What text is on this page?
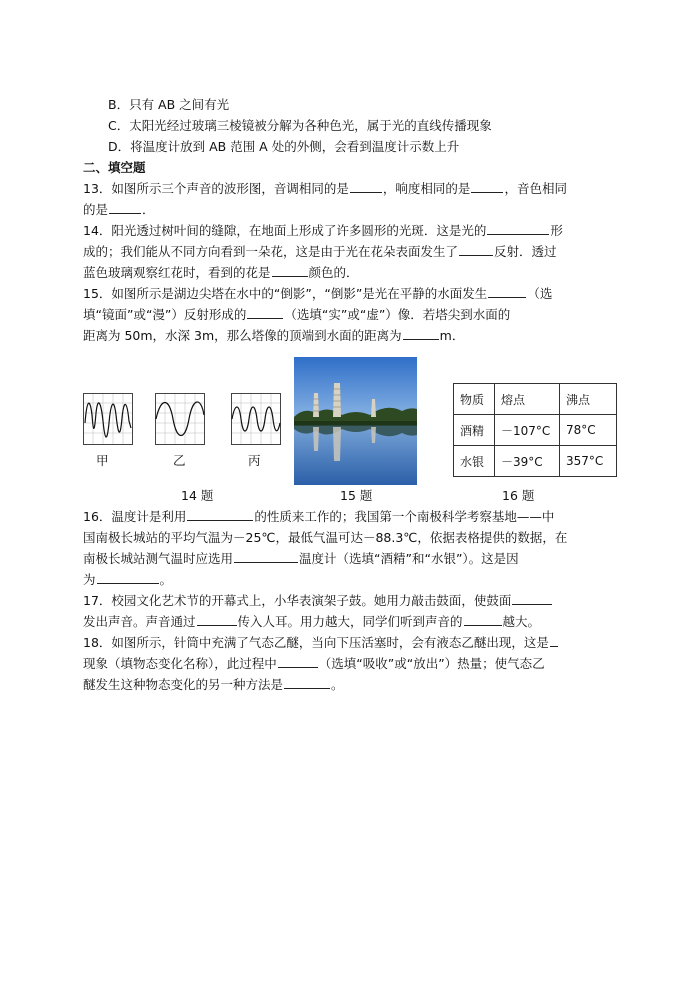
B．只有 AB 之间有光
C．太阳光经过玻璃三棱镜被分解为各种色光，属于光的直线传播现象
D．将温度计放到 AB 范围 A 处的外侧，会看到温度计示数上升
二、填空题
13．如图所示三个声音的波形图，音调相同的是	，响度相同的是	，音色相同
的是	．
14．阳光透过树叶间的缝隙，在地面上形成了许多圆形的光斑．这是光的	形
成的；我们能从不同方向看到一朵花，这是由于光在花朵表面发生了	反射．透过
蓝色玻璃观察红花时，看到的花是	颜色的．
15．如图所示是湖边尖塔在水中的“倒影”，“倒影”是光在平静的水面发生	（选
填“镜面”或“漫”）反射形成的	（选填“实”或“虚”）像．若塔尖到水面的
距离为 50m，水深 3m，那么塔像的顶端到水面的距离为	m．
甲	乙	丙
物质	熔点	沸点
酒精	－107°C	78°C
水银	－39°C	357°C
14 题	15 题	16 题
16．温度计是利用	的性质来工作的；我国第一个南极科学考察基地——中
国南极长城站的平均气温为－25℃，最低气温可达－88.3℃，依据表格提供的数据，在
南极长城站测气温时应选用	温度计（选填“酒精”和“水银”）。这是因
为	。
17．校园文化艺术节的开幕式上，小华表演架子鼓。她用力敲击鼓面，使鼓面
发出声音。声音通过	传入人耳。用力越大，同学们听到声音的	越大。
18．如图所示，针筒中充满了气态乙醚，当向下压活塞时，会有液态乙醚出现，这是
现象（填物态变化名称），此过程中	（选填“吸收”或“放出”）热量；使气态乙
醚发生这种物态变化的另一种方法是	。
